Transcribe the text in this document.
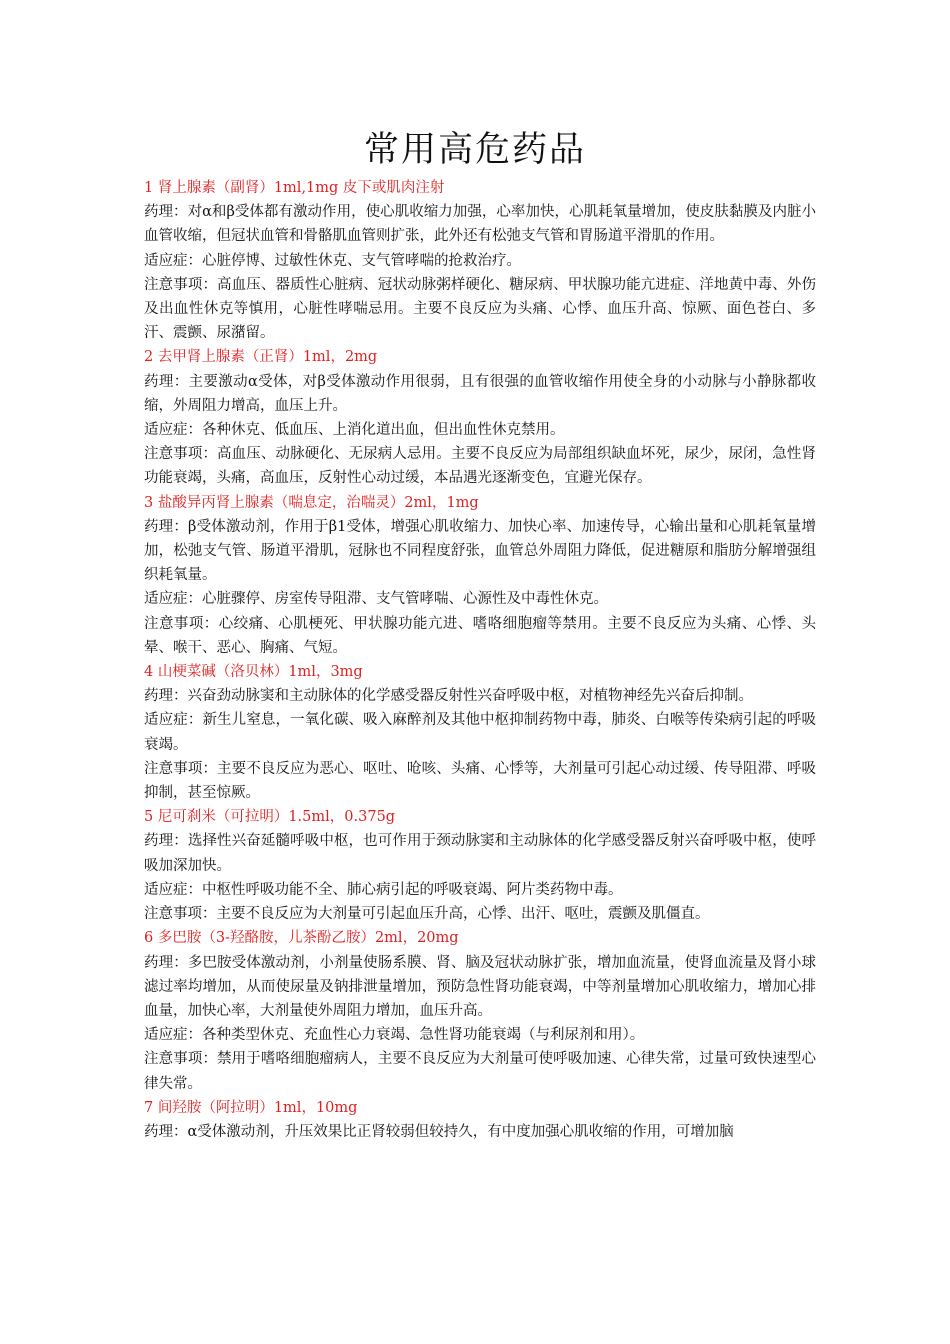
常用高危药品

1 肾上腺素（副肾）1ml,1mg 皮下或肌肉注射

药理：对α和β受体都有激动作用，使心肌收缩力加强，心率加快，心肌耗氧量增加，使皮肤黏膜及内脏小血管收缩，但冠状血管和骨骼肌血管则扩张，此外还有松弛支气管和胃肠道平滑肌的作用。

适应症：心脏停博、过敏性休克、支气管哮喘的抢救治疗。

注意事项：高血压、器质性心脏病、冠状动脉粥样硬化、糖尿病、甲状腺功能亢进症、洋地黄中毒、外伤及出血性休克等慎用，心脏性哮喘忌用。主要不良反应为头痛、心悸、血压升高、惊厥、面色苍白、多汗、震颤、尿潴留。

2 去甲肾上腺素（正肾）1ml，2mg

药理：主要激动α受体，对β受体激动作用很弱，且有很强的血管收缩作用使全身的小动脉与小静脉都收缩，外周阻力增高，血压上升。

适应症：各种休克、低血压、上消化道出血，但出血性休克禁用。

注意事项：高血压、动脉硬化、无尿病人忌用。主要不良反应为局部组织缺血坏死，尿少，尿闭，急性肾功能衰竭，头痛，高血压，反射性心动过缓，本品遇光逐渐变色，宜避光保存。

3 盐酸异丙肾上腺素（喘息定，治喘灵）2ml，1mg

药理：β受体激动剂，作用于β1受体，增强心肌收缩力、加快心率、加速传导，心输出量和心肌耗氧量增加，松弛支气管、肠道平滑肌，冠脉也不同程度舒张，血管总外周阻力降低，促进糖原和脂肪分解增强组织耗氧量。

适应症：心脏骤停、房室传导阻滞、支气管哮喘、心源性及中毒性休克。

注意事项：心绞痛、心肌梗死、甲状腺功能亢进、嗜咯细胞瘤等禁用。主要不良反应为头痛、心悸、头晕、喉干、恶心、胸痛、气短。

4 山梗菜碱（洛贝林）1ml，3mg

药理：兴奋劲动脉窦和主动脉体的化学感受器反射性兴奋呼吸中枢，对植物神经先兴奋后抑制。

适应症：新生儿窒息，一氧化碳、吸入麻醉剂及其他中枢抑制药物中毒，肺炎、白喉等传染病引起的呼吸衰竭。

注意事项：主要不良反应为恶心、呕吐、呛咳、头痛、心悸等，大剂量可引起心动过缓、传导阻滞、呼吸抑制，甚至惊厥。

5 尼可刹米（可拉明）1.5ml，0.375g

药理：选择性兴奋延髓呼吸中枢，也可作用于颈动脉窦和主动脉体的化学感受器反射兴奋呼吸中枢，使呼吸加深加快。

适应症：中枢性呼吸功能不全、肺心病引起的呼吸衰竭、阿片类药物中毒。

注意事项：主要不良反应为大剂量可引起血压升高，心悸、出汗、呕吐，震颤及肌僵直。

6 多巴胺（3-羟酪胺，儿茶酚乙胺）2ml，20mg

药理：多巴胺受体激动剂，小剂量使肠系膜、肾、脑及冠状动脉扩张，增加血流量，使肾血流量及肾小球滤过率均增加，从而使尿量及钠排泄量增加，预防急性肾功能衰竭，中等剂量增加心肌收缩力，增加心排血量，加快心率，大剂量使外周阻力增加，血压升高。

适应症：各种类型休克、充血性心力衰竭、急性肾功能衰竭（与利尿剂和用）。

注意事项：禁用于嗜咯细胞瘤病人，主要不良反应为大剂量可使呼吸加速、心律失常，过量可致快速型心律失常。

7 间羟胺（阿拉明）1ml，10mg

药理：α受体激动剂，升压效果比正肾较弱但较持久，有中度加强心肌收缩的作用，可增加脑
